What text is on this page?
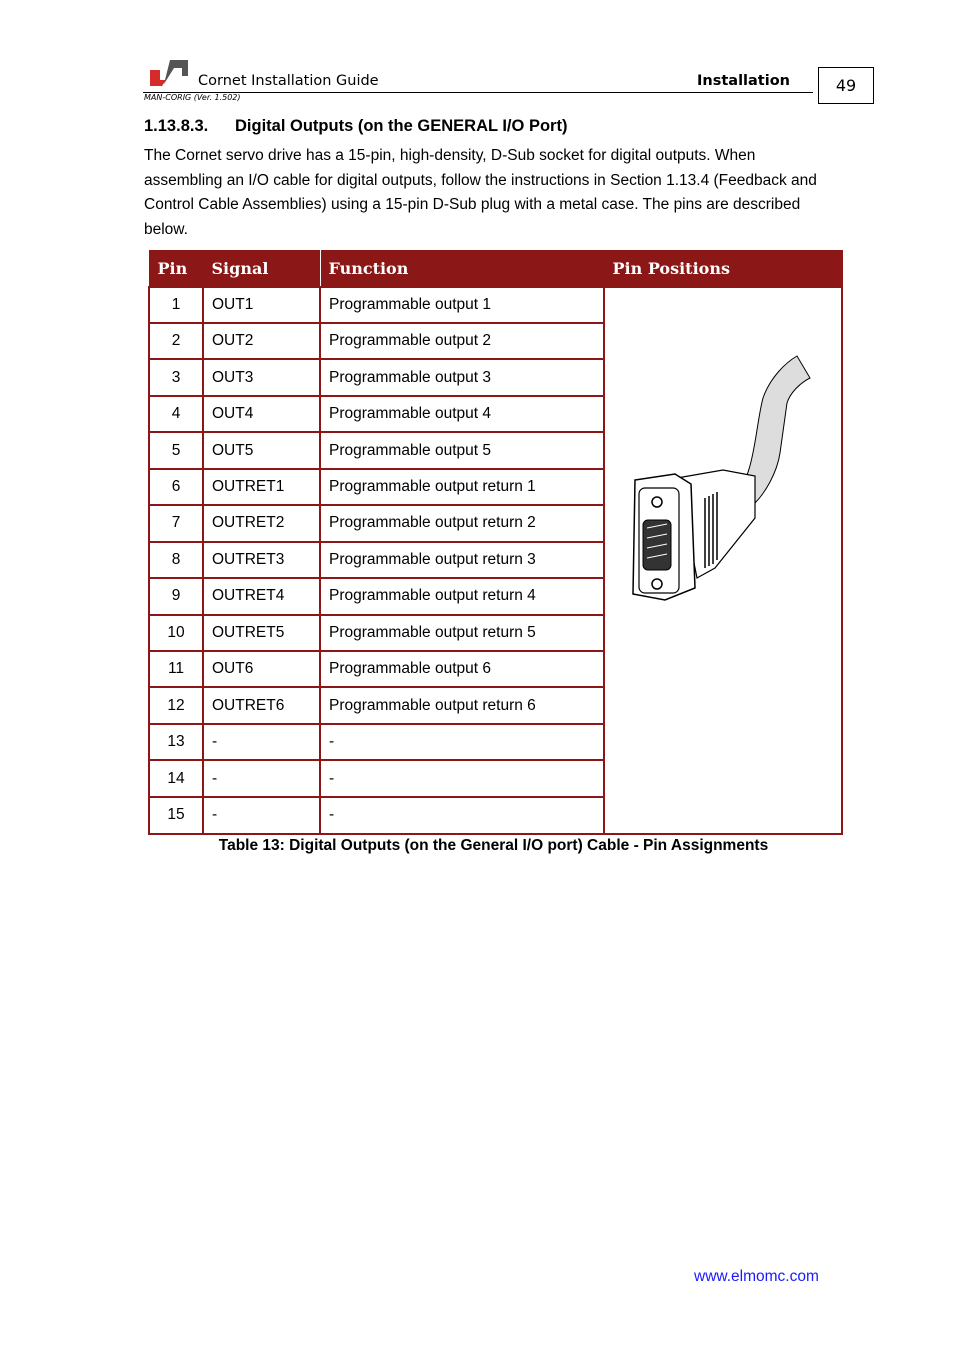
Cornet Installation Guide	Installation
MAN-CORIG (Ver. 1.502)
49
1.13.8.3. Digital Outputs (on the GENERAL I/O Port)
The Cornet servo drive has a 15-pin, high-density, D-Sub socket for digital outputs. When assembling an I/O cable for digital outputs, follow the instructions in Section 1.13.4 (Feedback and Control Cable Assemblies) using a 15-pin D-Sub plug with a metal case. The pins are described below.
Pin	Signal	Function	Pin Positions
1	OUT1	Programmable output 1	
2	OUT2	Programmable output 2	
3	OUT3	Programmable output 3	
4	OUT4	Programmable output 4	
5	OUT5	Programmable output 5	
6	OUTRET1	Programmable output return 1	
7	OUTRET2	Programmable output return 2	
8	OUTRET3	Programmable output return 3	
9	OUTRET4	Programmable output return 4	
10	OUTRET5	Programmable output return 5	
11	OUT6	Programmable output 6	
12	OUTRET6	Programmable output return 6	
13	-	-	
14	-	-	
15	-	-	
Table 13: Digital Outputs (on the General I/O port) Cable - Pin Assignments
www.elmomc.com
